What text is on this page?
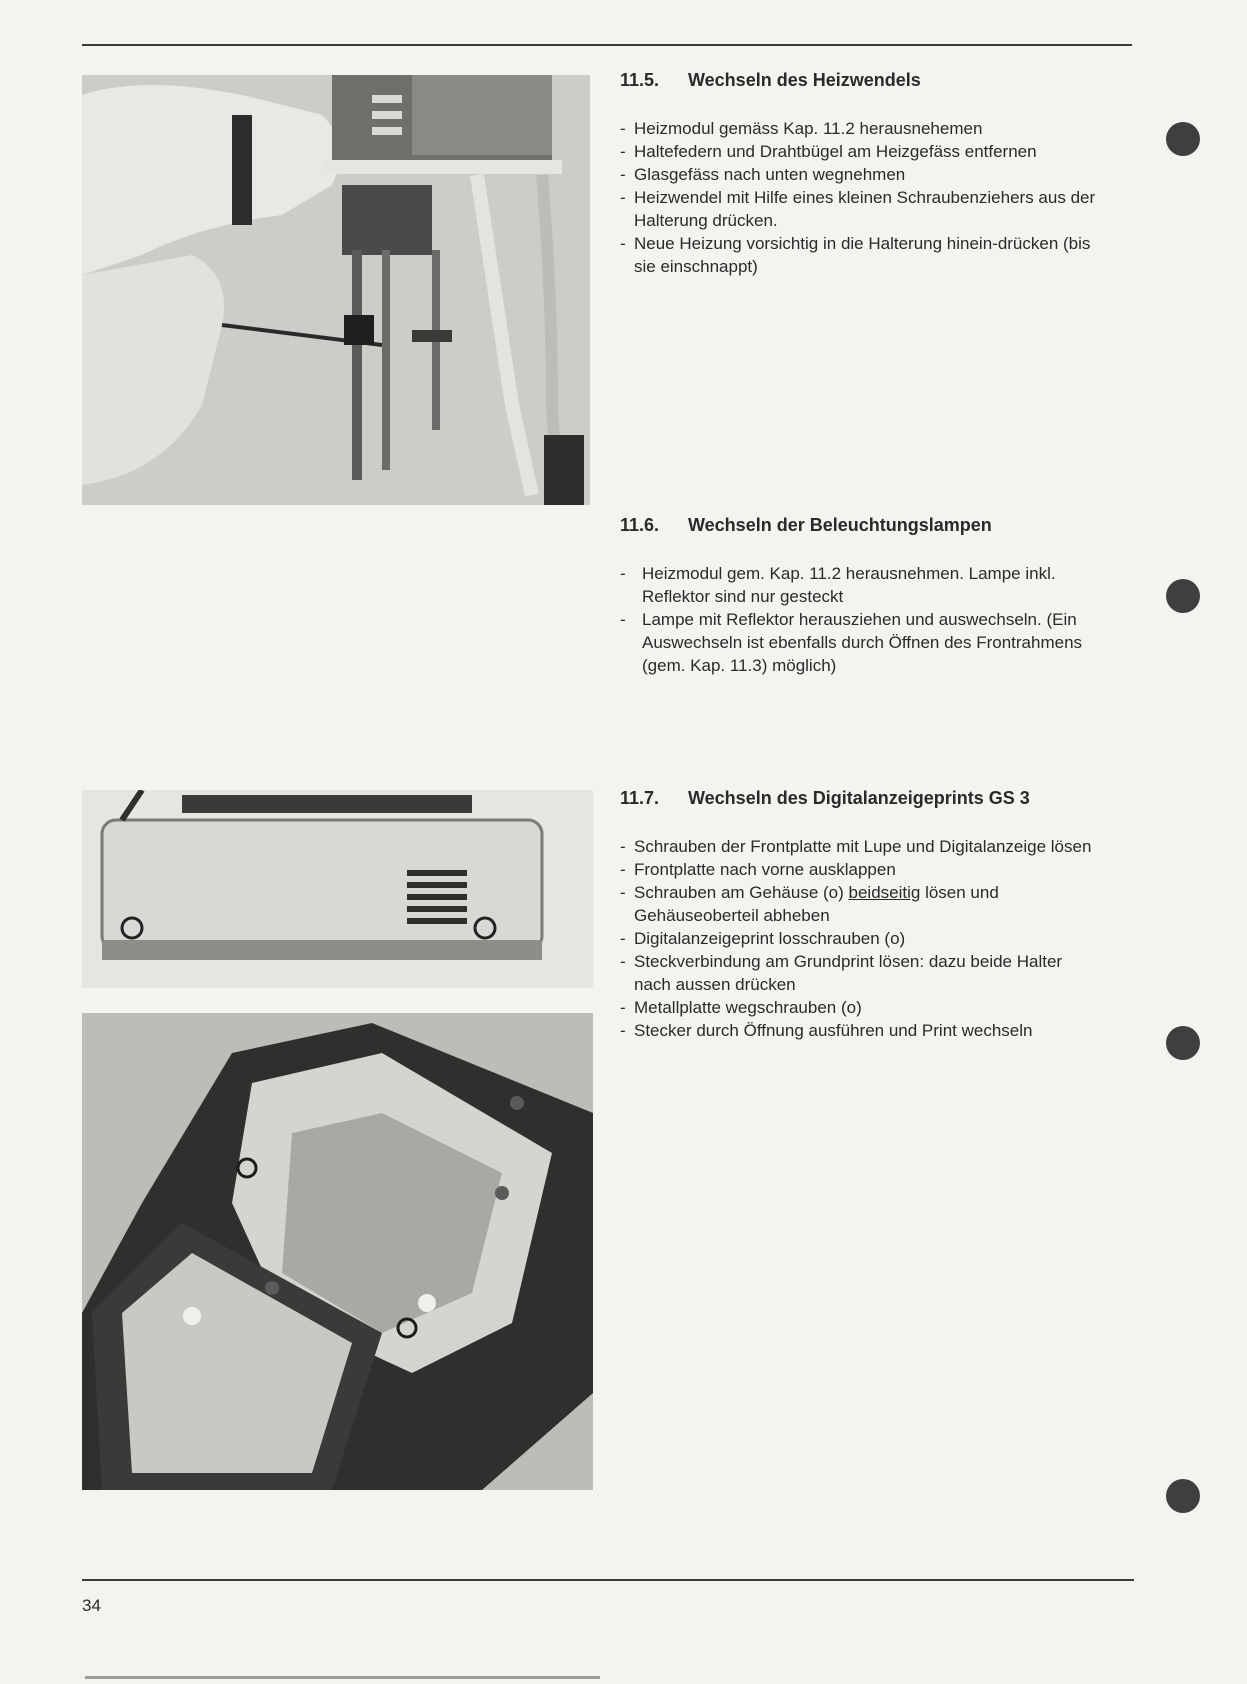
11.5. Wechseln des Heizwendels
- Heizmodul gemäss Kap. 11.2 herausnehemen
- Haltefedern und Drahtbügel am Heizgefäss entfernen
- Glasgefäss nach unten wegnehmen
- Heizwendel mit Hilfe eines kleinen Schraubenziehers aus der Halterung drücken.
- Neue Heizung vorsichtig in die Halterung hinein-drücken (bis sie einschnappt)
11.6. Wechseln der Beleuchtungslampen
- Heizmodul gem. Kap. 11.2 herausnehmen. Lampe inkl. Reflektor sind nur gesteckt
- Lampe mit Reflektor herausziehen und auswechseln. (Ein Auswechseln ist ebenfalls durch Öffnen des Frontrahmens (gem. Kap. 11.3) möglich)
11.7. Wechseln des Digitalanzeigeprints GS 3
- Schrauben der Frontplatte mit Lupe und Digitalanzeige lösen
- Frontplatte nach vorne ausklappen
- Schrauben am Gehäuse (o) beidseitig lösen und Gehäuseoberteil abheben
- Digitalanzeigeprint losschrauben (o)
- Steckverbindung am Grundprint lösen: dazu beide Halter nach aussen drücken
- Metallplatte wegschrauben (o)
- Stecker durch Öffnung ausführen und Print wechseln
34
